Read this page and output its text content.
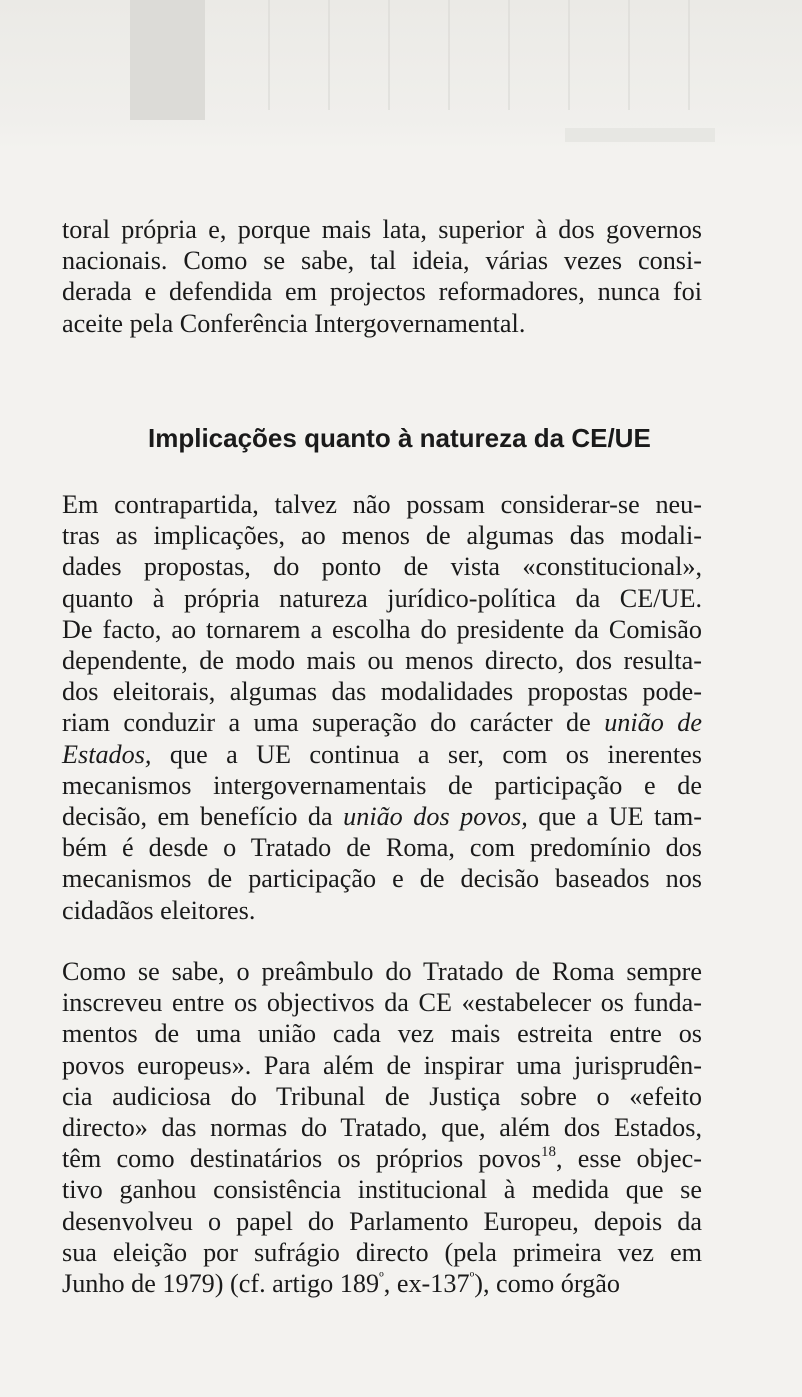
toral própria e, porque mais lata, superior à dos governos
nacionais. Como se sabe, tal ideia, várias vezes consi-
derada e defendida em projectos reformadores, nunca foi
aceite pela Conferência Intergovernamental.

Implicações quanto à natureza da CE/UE

Em contrapartida, talvez não possam considerar-se neu-
tras as implicações, ao menos de algumas das modali-
dades propostas, do ponto de vista «constitucional»,
quanto à própria natureza jurídico-política da CE/UE.
De facto, ao tornarem a escolha do presidente da Comisão
dependente, de modo mais ou menos directo, dos resulta-
dos eleitorais, algumas das modalidades propostas pode-
riam conduzir a uma superação do carácter de união de
Estados, que a UE continua a ser, com os inerentes
mecanismos intergovernamentais de participação e de
decisão, em benefício da união dos povos, que a UE tam-
bém é desde o Tratado de Roma, com predomínio dos
mecanismos de participação e de decisão baseados nos
cidadãos eleitores.

Como se sabe, o preâmbulo do Tratado de Roma sempre
inscreveu entre os objectivos da CE «estabelecer os funda-
mentos de uma união cada vez mais estreita entre os
povos europeus». Para além de inspirar uma jurisprudên-
cia audiciosa do Tribunal de Justiça sobre o «efeito
directo» das normas do Tratado, que, além dos Estados,
têm como destinatários os próprios povos$^{18}$, esse objec-
tivo ganhou consistência institucional à medida que se
desenvolveu o papel do Parlamento Europeu, depois da
sua eleição por sufrágio directo (pela primeira vez em
Junho de 1979) (cf. artigo $189^º$, $ex-137^º$), como órgão
